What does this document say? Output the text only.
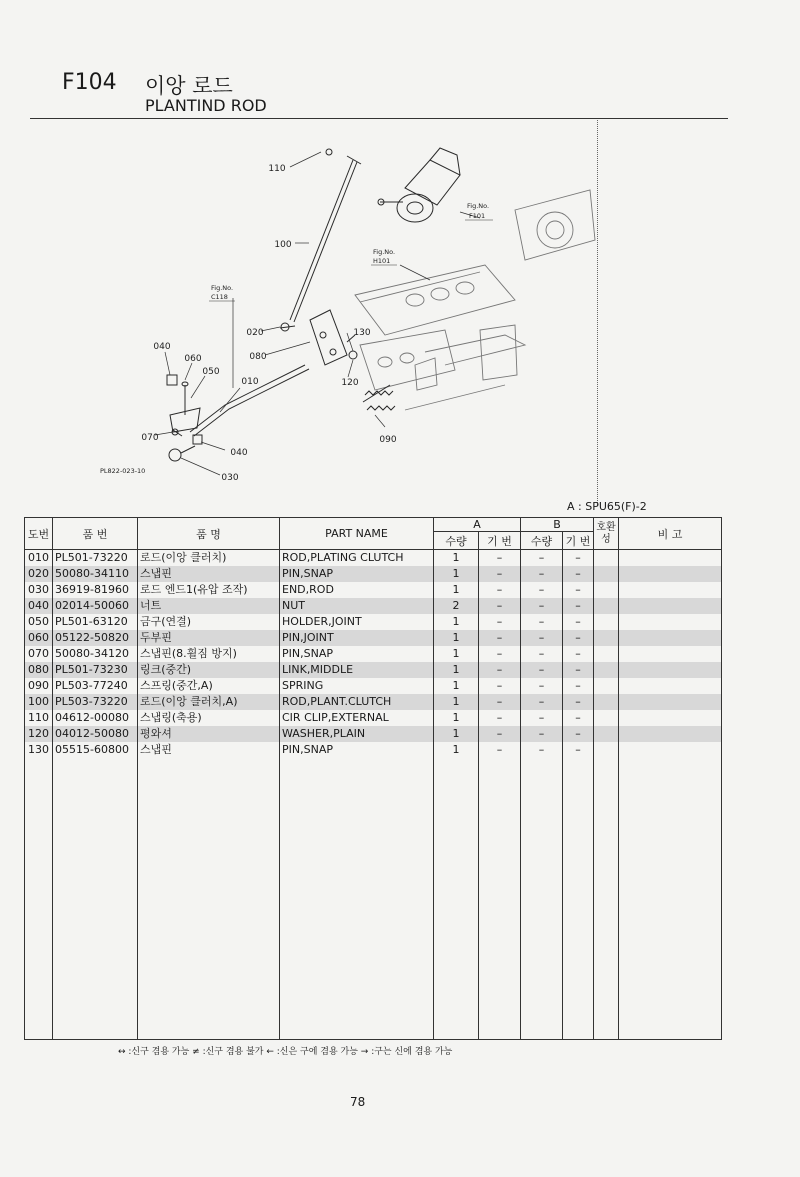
F104 이앙 로드
PLANTIND ROD
110
100
020
080
130
120
090
040
060
050
010
070
040
030
Fig.No.
F101
Fig.No.
H101
Fig.No.
C118
PL822-023-10
A : SPU65(F)-2
도번	품 번	품 명	PART NAME	A		B		호환성	비 고
				수량	기 번	수량	기 번		
010	PL501-73220	로드(이앙 클러치)	ROD,PLATING CLUTCH	1	–	–	–		
020	50080-34110	스냅핀	PIN,SNAP	1	–	–	–		
030	36919-81960	로드 엔드1(유압 조작)	END,ROD	1	–	–	–		
040	02014-50060	너트	NUT	2	–	–	–		
050	PL501-63120	금구(연결)	HOLDER,JOINT	1	–	–	–		
060	05122-50820	두부핀	PIN,JOINT	1	–	–	–		
070	50080-34120	스냅핀(8.휠짐 방지)	PIN,SNAP	1	–	–	–		
080	PL501-73230	링크(중간)	LINK,MIDDLE	1	–	–	–		
090	PL503-77240	스프링(중간,A)	SPRING	1	–	–	–		
100	PL503-73220	로드(이앙 클러치,A)	ROD,PLANT.CLUTCH	1	–	–	–		
110	04612-00080	스냅링(축용)	CIR CLIP,EXTERNAL	1	–	–	–		
120	04012-50080	평와셔	WASHER,PLAIN	1	–	–	–		
130	05515-60800	스냅핀	PIN,SNAP	1	–	–	–		

↔ :신구 겸용 가능 ≠ :신구 겸용 불가 ← :신은 구에 겸용 가능 → :구는 신에 겸용 가능
78
